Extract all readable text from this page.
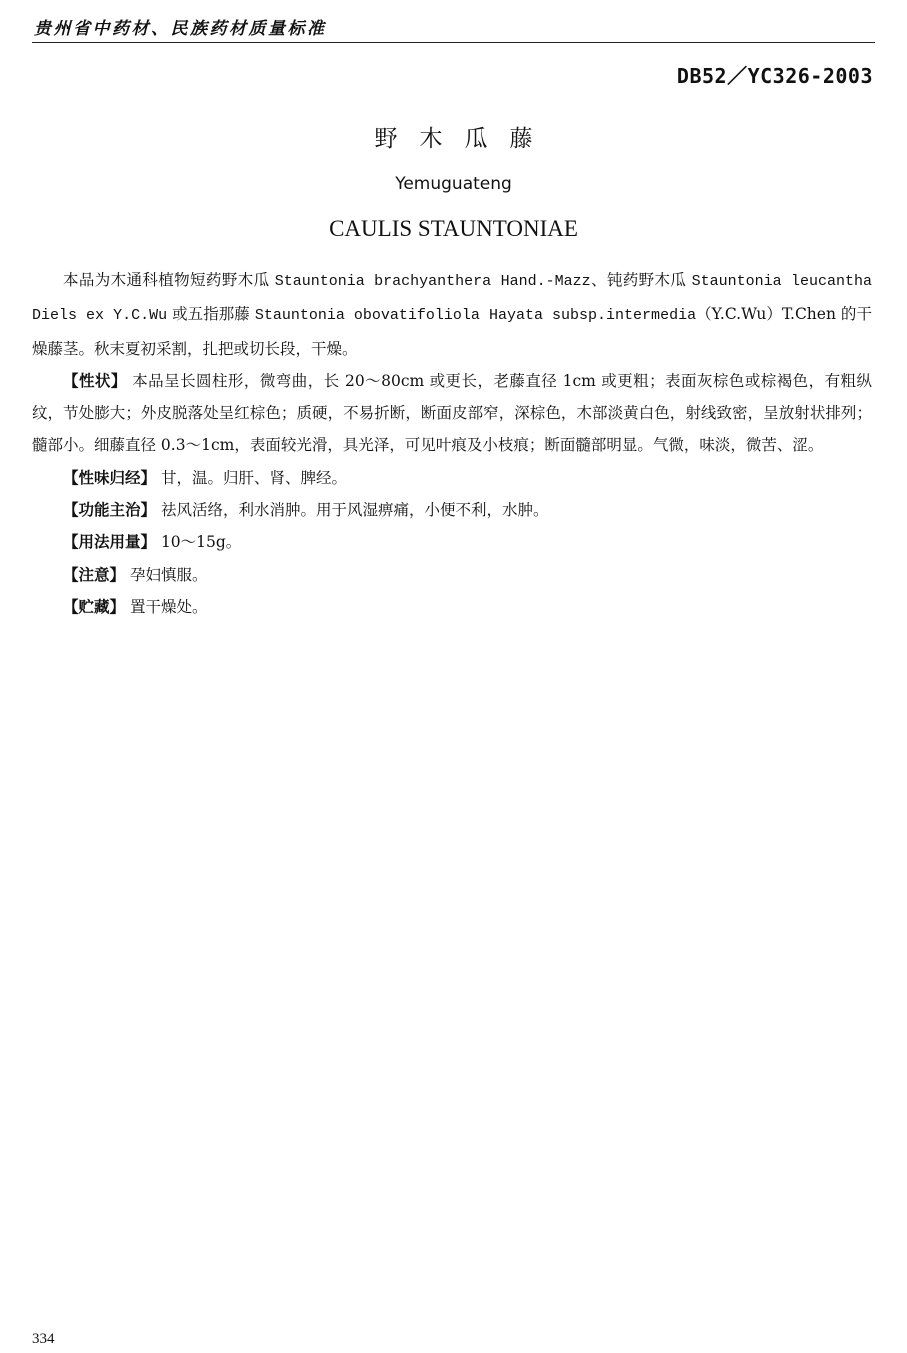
贵州省中药材、民族药材质量标准
DB52／YC326-2003
野木瓜藤
Yemuguateng
CAULIS STAUNTONIAE

本品为木通科植物短药野木瓜 Stauntonia brachyanthera Hand.-Mazz、钝药野木瓜 Stauntonia leucantha Diels ex Y.C.Wu 或五指那藤 Stauntonia obovatifoliola Hayata subsp.intermedia（Y.C.Wu）T.Chen 的干燥藤茎。秋末夏初采割，扎把或切长段，干燥。

【性状】 本品呈长圆柱形，微弯曲，长 20～80cm 或更长，老藤直径 1cm 或更粗；表面灰棕色或棕褐色，有粗纵纹，节处膨大；外皮脱落处呈红棕色；质硬，不易折断，断面皮部窄，深棕色，木部淡黄白色，射线致密，呈放射状排列；髓部小。细藤直径 0.3～1cm，表面较光滑，具光泽，可见叶痕及小枝痕；断面髓部明显。气微，味淡，微苦、涩。

【性味归经】 甘，温。归肝、肾、脾经。

【功能主治】 祛风活络，利水消肿。用于风湿痹痛，小便不利，水肿。

【用法用量】 10～15g。

【注意】 孕妇慎服。

【贮藏】 置干燥处。

334
